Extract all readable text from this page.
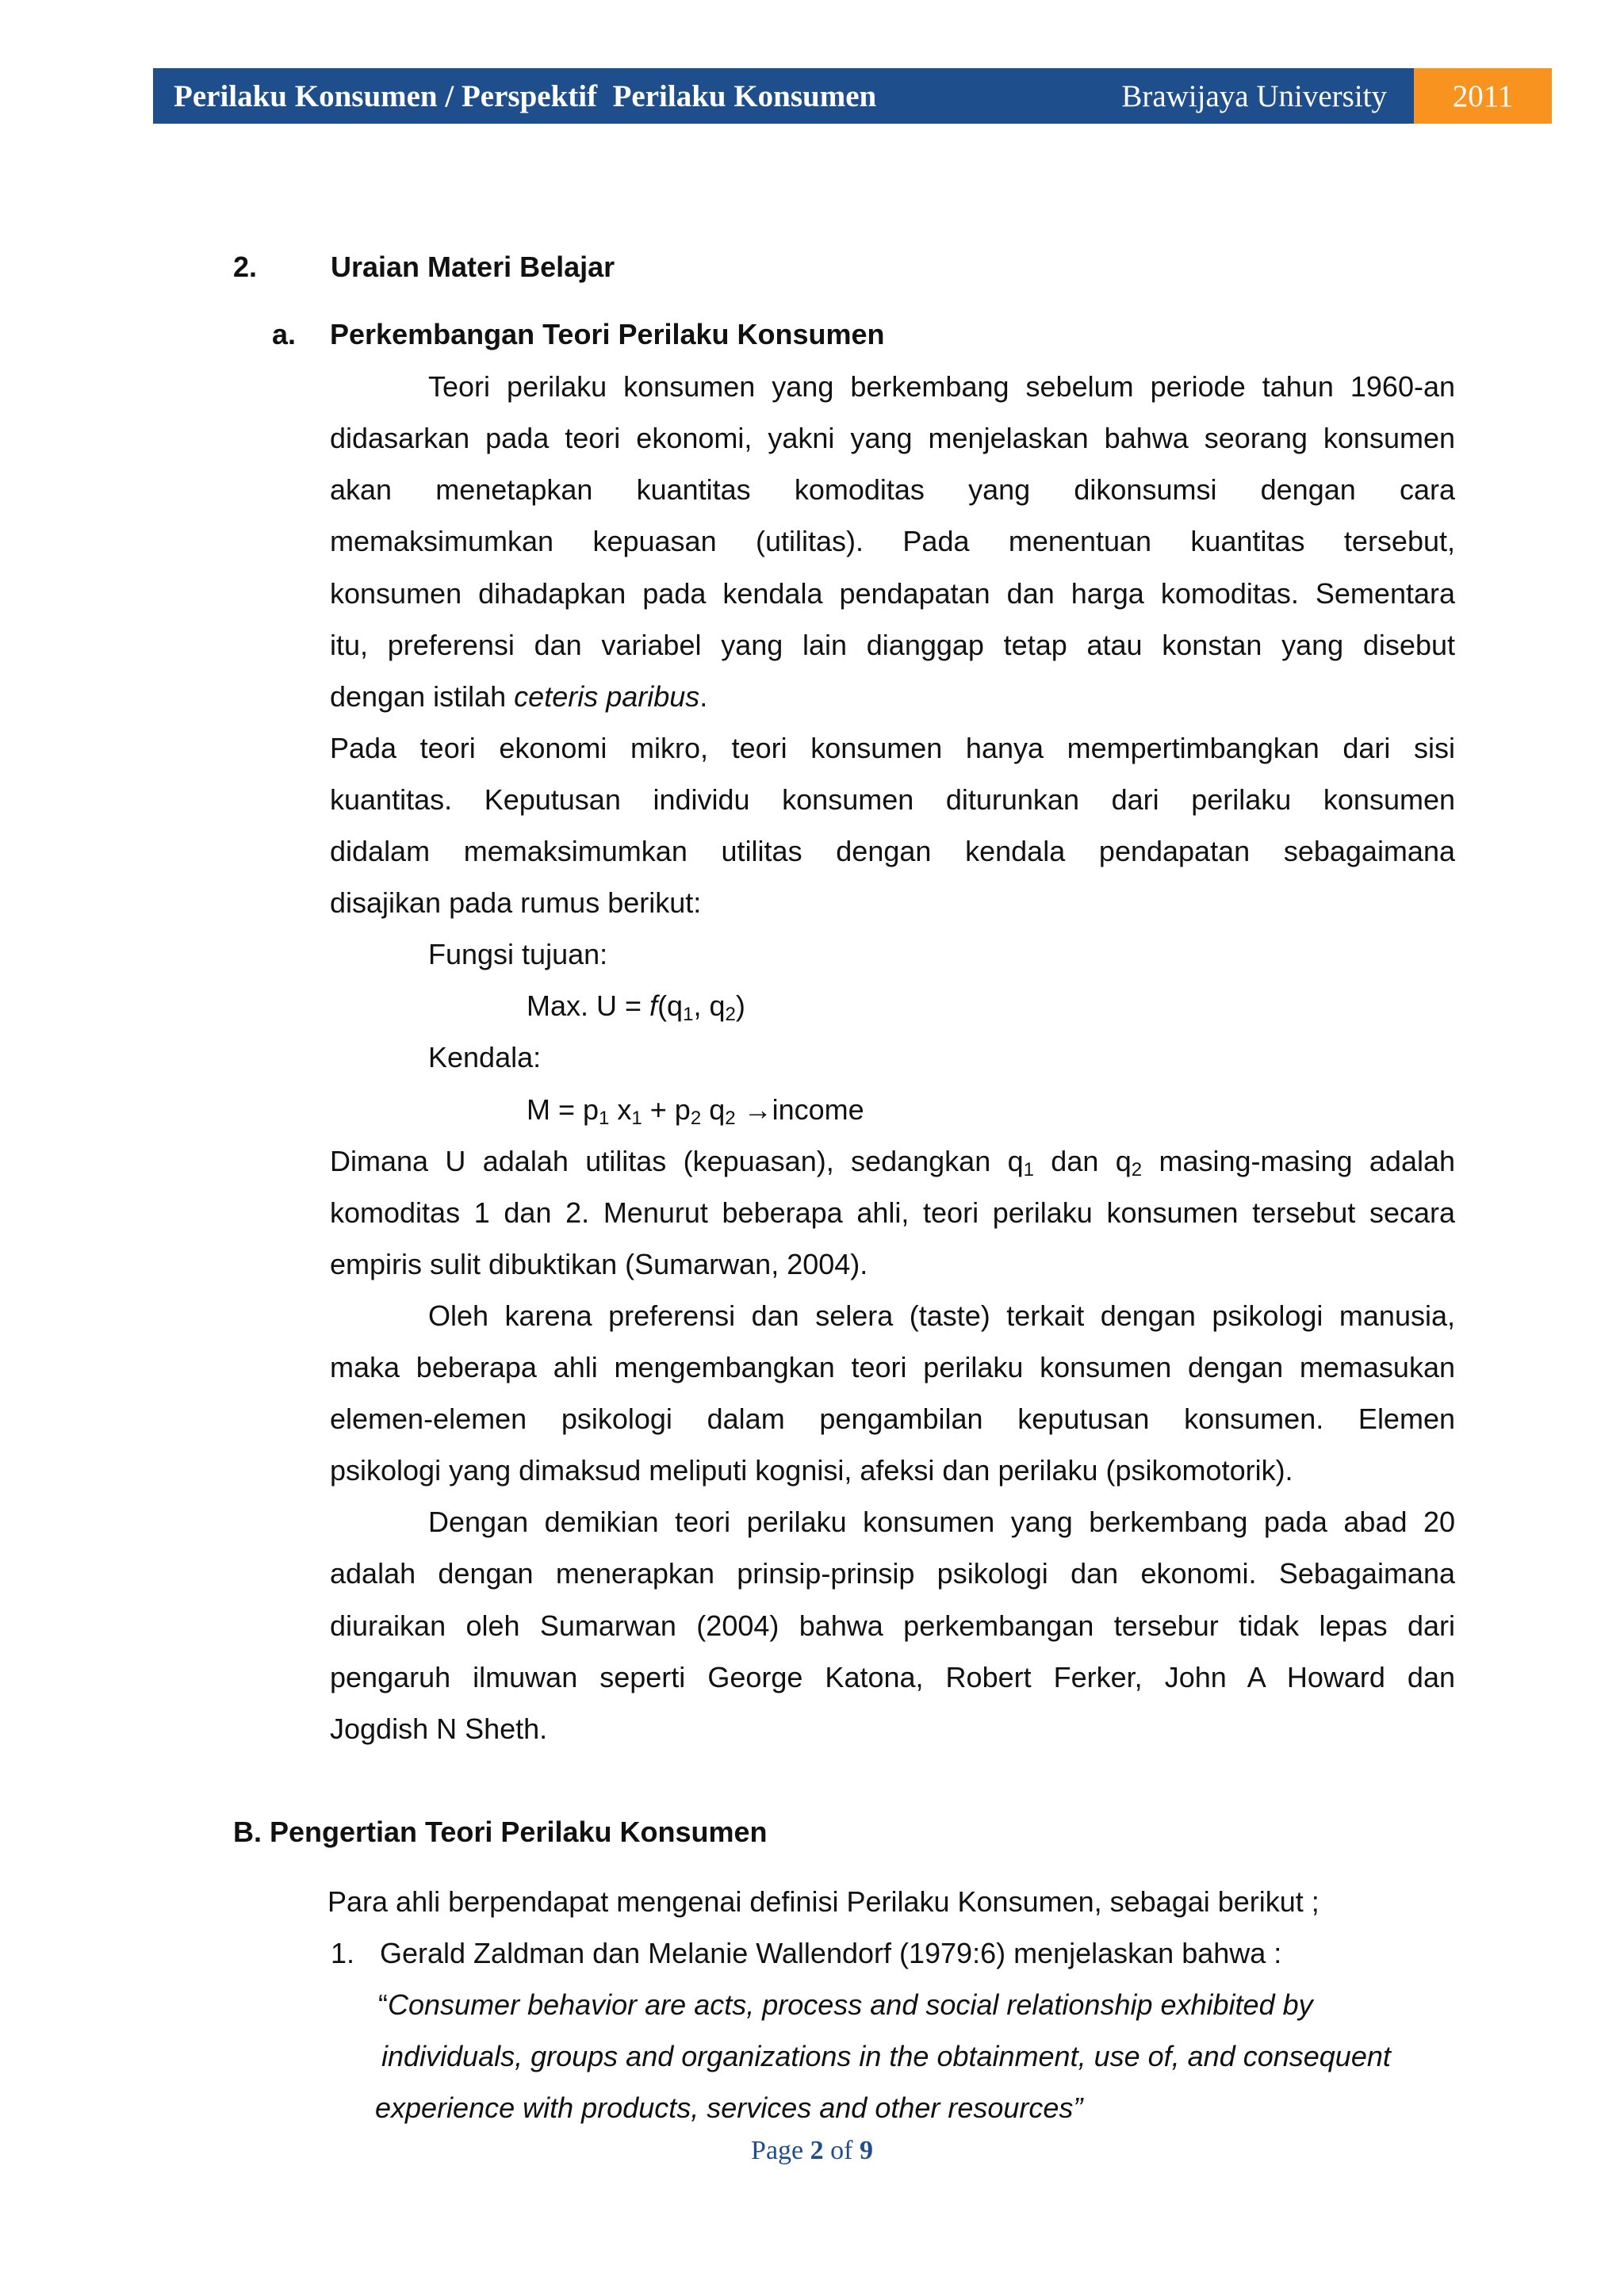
Perilaku Konsumen / Perspektif  Perilaku Konsumen	Brawijaya University	2011
2.	Uraian Materi Belajar
a. Perkembangan Teori Perilaku Konsumen
Teori perilaku konsumen yang berkembang sebelum periode tahun 1960-an
didasarkan pada teori ekonomi, yakni yang menjelaskan bahwa seorang konsumen
akan menetapkan kuantitas komoditas yang dikonsumsi dengan cara
memaksimumkan kepuasan (utilitas). Pada menentuan kuantitas tersebut,
konsumen dihadapkan pada kendala pendapatan dan harga komoditas. Sementara
itu, preferensi dan variabel yang lain dianggap tetap atau konstan yang disebut
dengan istilah ceteris paribus.
Pada teori ekonomi mikro, teori konsumen hanya mempertimbangkan dari sisi
kuantitas. Keputusan individu konsumen diturunkan dari perilaku konsumen
didalam memaksimumkan utilitas dengan kendala pendapatan sebagaimana
disajikan pada rumus berikut:
Fungsi tujuan:
Max. $U = f(q_1$, $q_2$)
Kendala:
$M = p_1$ $x_1 + p_2$ $q_2$ →income
Dimana U adalah utilitas (kepuasan), sedangkan $q_1$ dan $q_2$ masing-masing adalah
komoditas 1 dan 2. Menurut beberapa ahli, teori perilaku konsumen tersebut secara
empiris sulit dibuktikan (Sumarwan, 2004).
Oleh karena preferensi dan selera (taste) terkait dengan psikologi manusia,
maka beberapa ahli mengembangkan teori perilaku konsumen dengan memasukan
elemen-elemen psikologi dalam pengambilan keputusan konsumen. Elemen
psikologi yang dimaksud meliputi kognisi, afeksi dan perilaku (psikomotorik).
Dengan demikian teori perilaku konsumen yang berkembang pada abad 20
adalah dengan menerapkan prinsip-prinsip psikologi dan ekonomi. Sebagaimana
diuraikan oleh Sumarwan (2004) bahwa perkembangan tersebur tidak lepas dari
pengaruh ilmuwan seperti George Katona, Robert Ferker, John A Howard dan
Jogdish N Sheth.
B. Pengertian Teori Perilaku Konsumen
Para ahli berpendapat mengenai definisi Perilaku Konsumen, sebagai berikut ;
1. Gerald Zaldman dan Melanie Wallendorf (1979:6) menjelaskan bahwa :
“Consumer behavior are acts, process and social relationship exhibited by
individuals, groups and organizations in the obtainment, use of, and consequent
experience with products, services and other resources”
Page 2 of 9
